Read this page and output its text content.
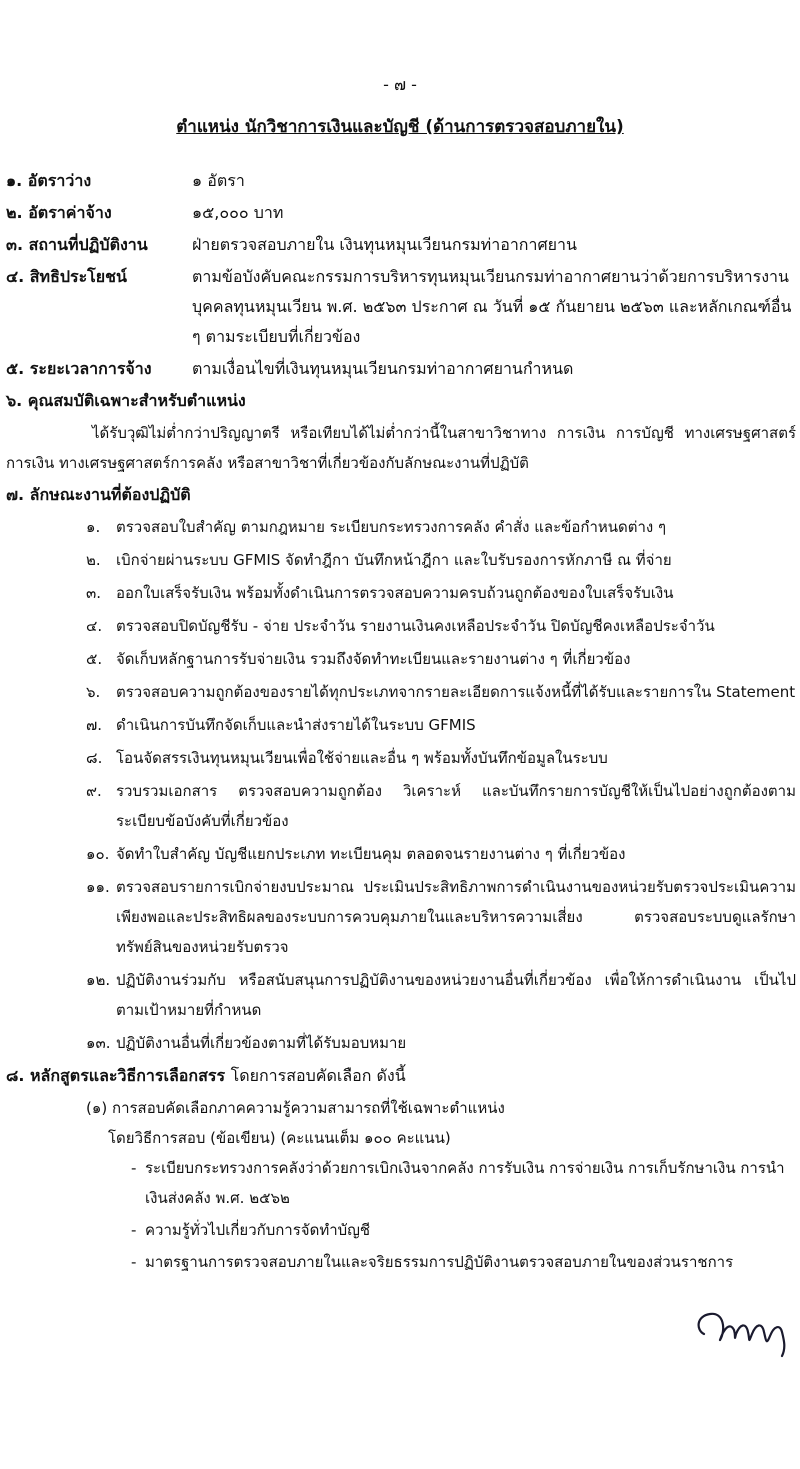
- ๗ -
ตำแหน่ง นักวิชาการเงินและบัญชี (ด้านการตรวจสอบภายใน)
๑. อัตราว่าง	๑ อัตรา
๒. อัตราค่าจ้าง	๑๕,๐๐๐ บาท
๓. สถานที่ปฏิบัติงาน	ฝ่ายตรวจสอบภายใน เงินทุนหมุนเวียนกรมท่าอากาศยาน
๔. สิทธิประโยชน์	ตามข้อบังคับคณะกรรมการบริหารทุนหมุนเวียนกรมท่าอากาศยานว่าด้วยการบริหารงานบุคคลทุนหมุนเวียน พ.ศ. ๒๕๖๓ ประกาศ ณ วันที่ ๑๕ กันยายน ๒๕๖๓ และหลักเกณฑ์อื่น ๆ ตามระเบียบที่เกี่ยวข้อง
๕. ระยะเวลาการจ้าง	ตามเงื่อนไขที่เงินทุนหมุนเวียนกรมท่าอากาศยานกำหนด
๖. คุณสมบัติเฉพาะสำหรับตำแหน่ง
ได้รับวุฒิไม่ต่ำกว่าปริญญาตรี หรือเทียบได้ไม่ต่ำกว่านี้ในสาขาวิชาทาง การเงิน การบัญชี ทางเศรษฐศาสตร์การเงิน ทางเศรษฐศาสตร์การคลัง หรือสาขาวิชาที่เกี่ยวข้องกับลักษณะงานที่ปฏิบัติ
๗. ลักษณะงานที่ต้องปฏิบัติ
๑.	ตรวจสอบใบสำคัญ ตามกฎหมาย ระเบียบกระทรวงการคลัง คำสั่ง และข้อกำหนดต่าง ๆ
๒.	เบิกจ่ายผ่านระบบ GFMIS จัดทำฎีกา บันทึกหน้าฎีกา และใบรับรองการหักภาษี ณ ที่จ่าย
๓. ออกใบเสร็จรับเงิน พร้อมทั้งดำเนินการตรวจสอบความครบถ้วนถูกต้องของใบเสร็จรับเงิน
๔. ตรวจสอบปิดบัญชีรับ - จ่าย ประจำวัน รายงานเงินคงเหลือประจำวัน ปิดบัญชีคงเหลือประจำวัน
๕. จัดเก็บหลักฐานการรับจ่ายเงิน รวมถึงจัดทำทะเบียนและรายงานต่าง ๆ ที่เกี่ยวข้อง
๖.	ตรวจสอบความถูกต้องของรายได้ทุกประเภทจากรายละเอียดการแจ้งหนี้ที่ได้รับและรายการใน Statement
๗. ดำเนินการบันทึกจัดเก็บและนำส่งรายได้ในระบบ GFMIS
๘. โอนจัดสรรเงินทุนหมุนเวียนเพื่อใช้จ่ายและอื่น ๆ พร้อมทั้งบันทึกข้อมูลในระบบ
๙. รวบรวมเอกสาร ตรวจสอบความถูกต้อง วิเคราะห์ และบันทึกรายการบัญชีให้เป็นไปอย่างถูกต้องตามระเบียบข้อบังคับที่เกี่ยวข้อง
๑๐. จัดทำใบสำคัญ บัญชีแยกประเภท ทะเบียนคุม ตลอดจนรายงานต่าง ๆ ที่เกี่ยวข้อง
๑๑. ตรวจสอบรายการเบิกจ่ายงบประมาณ ประเมินประสิทธิภาพการดำเนินงานของหน่วยรับตรวจประเมินความเพียงพอและประสิทธิผลของระบบการควบคุมภายในและบริหารความเสี่ยง ตรวจสอบระบบดูแลรักษาทรัพย์สินของหน่วยรับตรวจ
๑๒. ปฏิบัติงานร่วมกับ หรือสนับสนุนการปฏิบัติงานของหน่วยงานอื่นที่เกี่ยวข้อง เพื่อให้การดำเนินงาน เป็นไปตามเป้าหมายที่กำหนด
๑๓. ปฏิบัติงานอื่นที่เกี่ยวข้องตามที่ได้รับมอบหมาย
๘. หลักสูตรและวิธีการเลือกสรร โดยการสอบคัดเลือก ดังนี้
(๑) การสอบคัดเลือกภาคความรู้ความสามารถที่ใช้เฉพาะตำแหน่ง
โดยวิธีการสอบ (ข้อเขียน) (คะแนนเต็ม ๑๐๐ คะแนน)
- ระเบียบกระทรวงการคลังว่าด้วยการเบิกเงินจากคลัง การรับเงิน การจ่ายเงิน การเก็บรักษาเงิน การนำเงินส่งคลัง พ.ศ. ๒๕๖๒
- ความรู้ทั่วไปเกี่ยวกับการจัดทำบัญชี
- มาตรฐานการตรวจสอบภายในและจริยธรรมการปฏิบัติงานตรวจสอบภายในของส่วนราชการ
